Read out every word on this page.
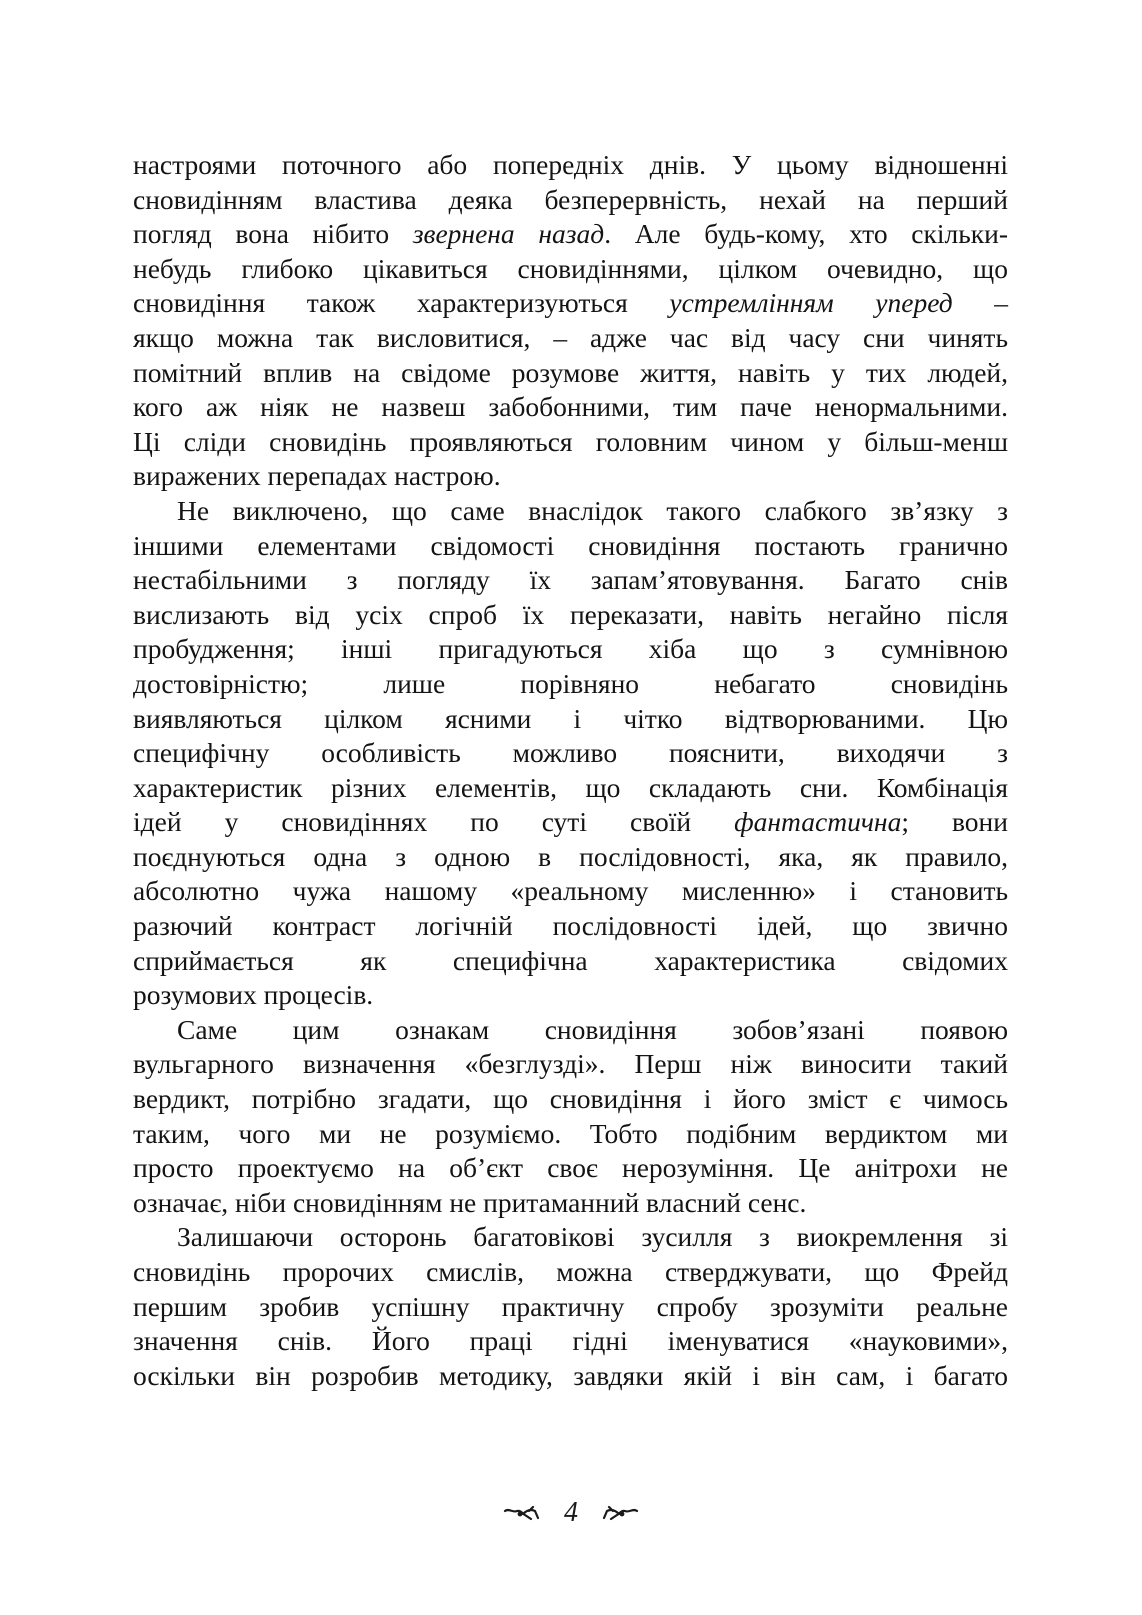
настроями поточного або попередніх днів. У цьому відношенні
сновидінням властива деяка безперервність, нехай на перший
погляд вона нібито звернена назад. Але будь-кому, хто скільки-
небудь глибоко цікавиться сновидіннями, цілком очевидно, що
сновидіння також характеризуються устремлінням уперед –
якщо можна так висловитися, – адже час від часу сни чинять
помітний вплив на свідоме розумове життя, навіть у тих людей,
кого аж ніяк не назвеш забобонними, тим паче ненормальними.
Ці сліди сновидінь проявляються головним чином у більш-менш
виражених перепадах настрою.
Не виключено, що саме внаслідок такого слабкого зв’язку з
іншими елементами свідомості сновидіння постають гранично
нестабільними з погляду їх запам’ятовування. Багато снів
вислизають від усіх спроб їх переказати, навіть негайно після
пробудження; інші пригадуються хіба що з сумнівною
достовірністю; лише порівняно небагато сновидінь
виявляються цілком ясними і чітко відтворюваними. Цю
специфічну особливість можливо пояснити, виходячи з
характеристик різних елементів, що складають сни. Комбінація
ідей у сновидіннях по суті своїй фантастична; вони
поєднуються одна з одною в послідовності, яка, як правило,
абсолютно чужа нашому «реальному мисленню» і становить
разючий контраст логічній послідовності ідей, що звично
сприймається як специфічна характеристика свідомих
розумових процесів.
Саме цим ознакам сновидіння зобов’язані появою
вульгарного визначення «безглузді». Перш ніж виносити такий
вердикт, потрібно згадати, що сновидіння і його зміст є чимось
таким, чого ми не розуміємо. Тобто подібним вердиктом ми
просто проектуємо на об’єкт своє нерозуміння. Це анітрохи не
означає, ніби сновидінням не притаманний власний сенс.
Залишаючи осторонь багатовікові зусилля з виокремлення зі
сновидінь пророчих смислів, можна стверджувати, що Фрейд
першим зробив успішну практичну спробу зрозуміти реальне
значення снів. Його праці гідні іменуватися «науковими»,
оскільки він розробив методику, завдяки якій і він сам, і багато
4
